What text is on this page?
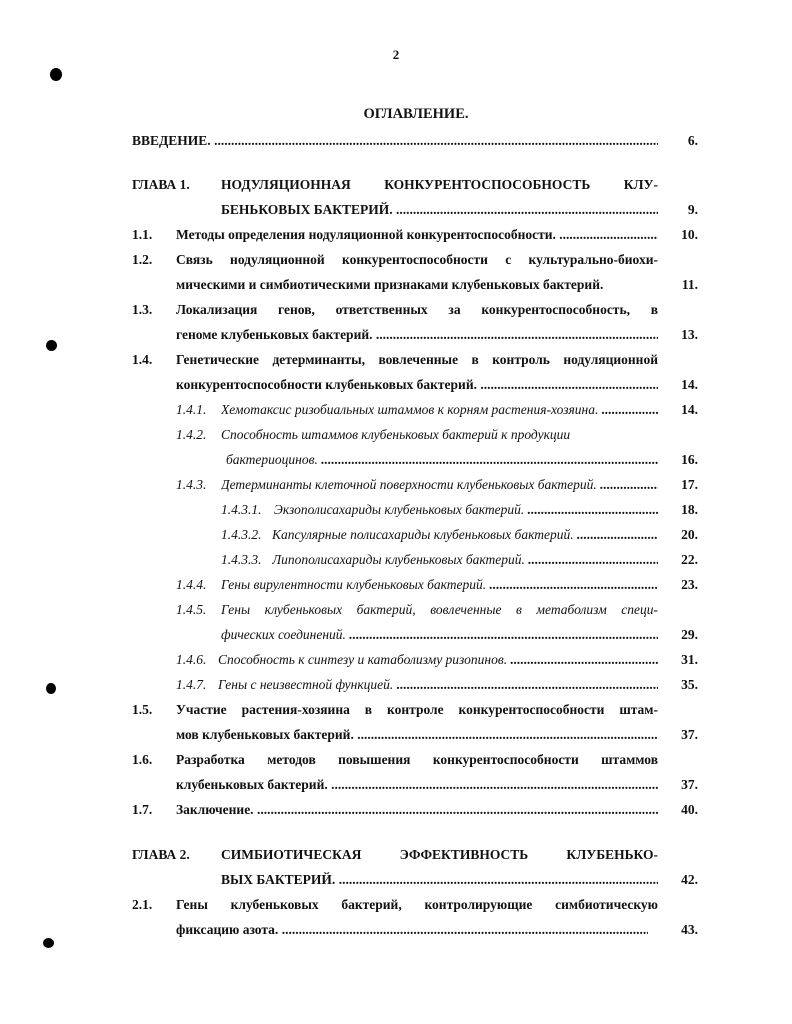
2
ОГЛАВЛЕНИЕ.
ВВЕДЕНИЕ. .....	6.
ГЛАВА 1. НОДУЛЯЦИОННАЯ КОНКУРЕНТОСПОСОБНОСТЬ КЛУ-
БЕНЬКОВЫХ БАКТЕРИЙ. .....	9.
1.1. Методы определения нодуляционной конкурентоспособности. .....	10.
1.2. Связь нодуляционной конкурентоспособности с культурально-биохи-
мическими и симбиотическими признаками клубеньковых бактерий.	11.
1.3. Локализация генов, ответственных за конкурентоспособность, в
геноме клубеньковых бактерий. .....	13.
1.4. Генетические детерминанты, вовлеченные в контроль нодуляционной
конкурентоспособности клубеньковых бактерий. .....	14.
1.4.1. Хемотаксис ризобиальных штаммов к корням растения-хозяина. .....	14.
1.4.2. Способность штаммов клубеньковых бактерий к продукции
бактериоцинов. .....	16.
1.4.3. Детерминанты клеточной поверхности клубеньковых бактерий. .....	17.
1.4.3.1. Экзополисахариды клубеньковых бактерий. .....	18.
1.4.3.2. Капсулярные полисахариды клубеньковых бактерий. .....	20.
1.4.3.3. Липополисахариды клубеньковых бактерий. .....	22.
1.4.4. Гены вирулентности клубеньковых бактерий. .....	23.
1.4.5. Гены клубеньковых бактерий, вовлеченные в метаболизм специ-
фических соединений. .....	29.
1.4.6. Способность к синтезу и катаболизму ризопинов. .....	31.
1.4.7. Гены с неизвестной функцией. .....	35.
1.5. Участие растения-хозяина в контроле конкурентоспособности штам-
мов клубеньковых бактерий. .....	37.
1.6. Разработка методов повышения конкурентоспособности штаммов
клубеньковых бактерий. .....	37.
1.7. Заключение. .....	40.
ГЛАВА 2. СИМБИОТИЧЕСКАЯ ЭФФЕКТИВНОСТЬ КЛУБЕНЬКО-
ВЫХ БАКТЕРИЙ. .....	42.
2.1. Гены клубеньковых бактерий, контролирующие симбиотическую
фиксацию азота. .....	43.
